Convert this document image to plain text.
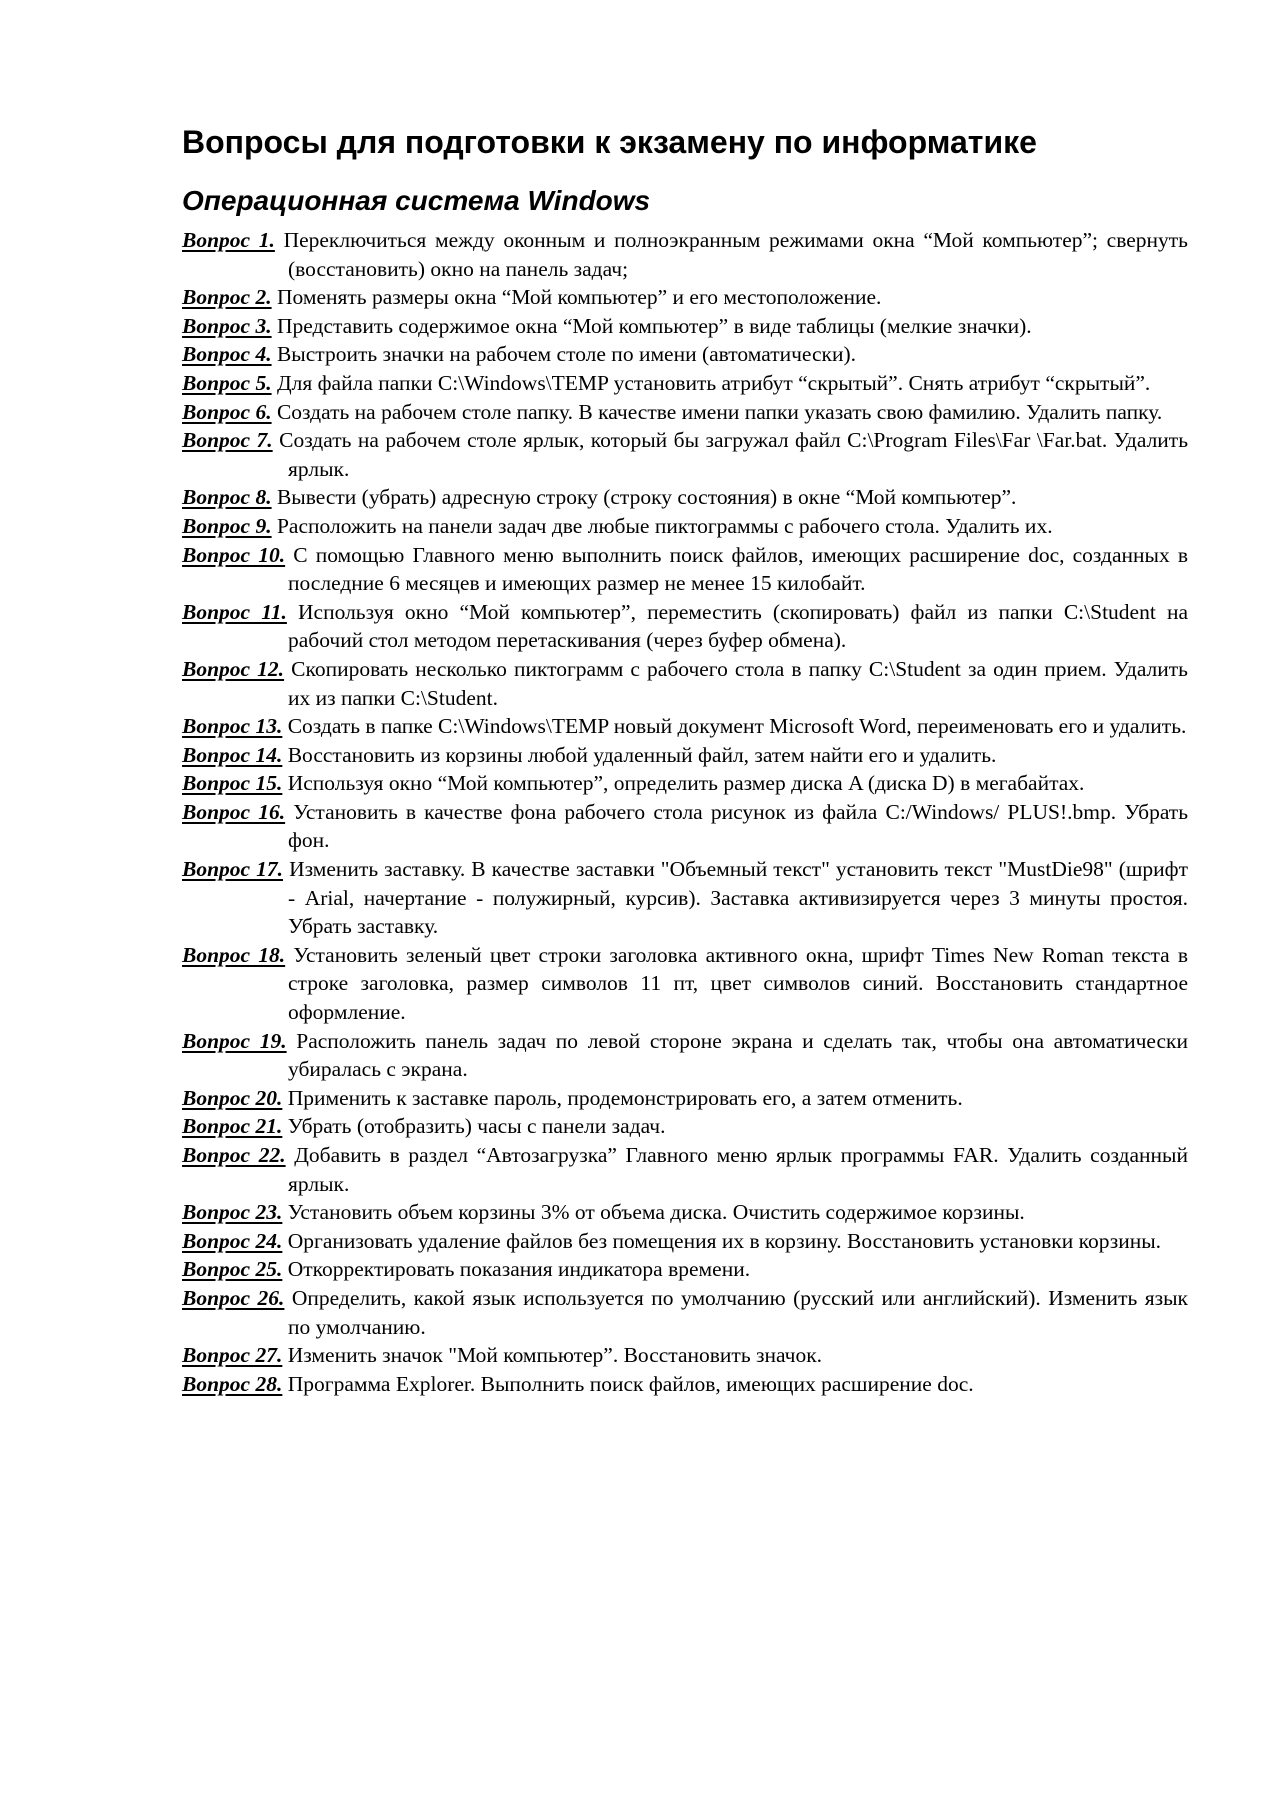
Вопросы для подготовки к экзамену по информатике
Операционная система Windows
Вопрос 1. Переключиться между оконным и полноэкранным режимами окна “Мой компьютер”; свернуть (восстановить) окно на панель задач;
Вопрос 2. Поменять размеры окна “Мой компьютер” и его местоположение.
Вопрос 3. Представить содержимое окна “Мой компьютер” в виде таблицы (мелкие значки).
Вопрос 4. Выстроить значки на рабочем столе по имени (автоматически).
Вопрос 5. Для файла папки C:\Windows\TEMP установить атрибут “скрытый”. Снять атрибут “скрытый”.
Вопрос 6. Создать на рабочем столе папку. В качестве имени папки указать свою фамилию. Удалить папку.
Вопрос 7. Создать на рабочем столе ярлык, который бы загружал файл C:\Program Files\Far \Far.bat. Удалить ярлык.
Вопрос 8. Вывести (убрать) адресную строку (строку состояния) в окне “Мой компьютер”.
Вопрос 9. Расположить на панели задач две любые пиктограммы с рабочего стола. Удалить их.
Вопрос 10. С помощью Главного меню выполнить поиск файлов, имеющих расширение doc, созданных в последние 6 месяцев и имеющих размер не менее 15 килобайт.
Вопрос 11. Используя окно “Мой компьютер”, переместить (скопировать) файл из папки C:\Student на рабочий стол методом перетаскивания (через буфер обмена).
Вопрос 12. Скопировать несколько пиктограмм с рабочего стола в папку C:\Student за один прием. Удалить их из папки C:\Student.
Вопрос 13. Создать в папке C:\Windows\TEMP новый документ Microsoft Word, переименовать его и удалить.
Вопрос 14. Восстановить из корзины любой удаленный файл, затем найти его и удалить.
Вопрос 15. Используя окно “Мой компьютер”, определить размер диска A (диска D) в мегабайтах.
Вопрос 16. Установить в качестве фона рабочего стола рисунок из файла C:/Windows/ PLUS!.bmp. Убрать фон.
Вопрос 17. Изменить заставку. В качестве заставки "Объемный текст" установить текст "MustDie98" (шрифт - Arial, начертание - полужирный, курсив). Заставка активизируется через 3 минуты простоя. Убрать заставку.
Вопрос 18. Установить зеленый цвет строки заголовка активного окна, шрифт Times New Roman текста в строке заголовка, размер символов 11 пт, цвет символов синий. Восстановить стандартное оформление.
Вопрос 19. Расположить панель задач по левой стороне экрана и сделать так, чтобы она автоматически убиралась с экрана.
Вопрос 20. Применить к заставке пароль, продемонстрировать его, а затем отменить.
Вопрос 21. Убрать (отобразить) часы с панели задач.
Вопрос 22. Добавить в раздел “Автозагрузка” Главного меню ярлык программы FAR. Удалить созданный ярлык.
Вопрос 23. Установить объем корзины 3% от объема диска. Очистить содержимое корзины.
Вопрос 24. Организовать удаление файлов без помещения их в корзину. Восстановить установки корзины.
Вопрос 25. Откорректировать показания индикатора времени.
Вопрос 26. Определить, какой язык используется по умолчанию (русский или английский). Изменить язык по умолчанию.
Вопрос 27. Изменить значок "Мой компьютер”. Восстановить значок.
Вопрос 28. Программа Explorer. Выполнить поиск файлов, имеющих расширение doc.
